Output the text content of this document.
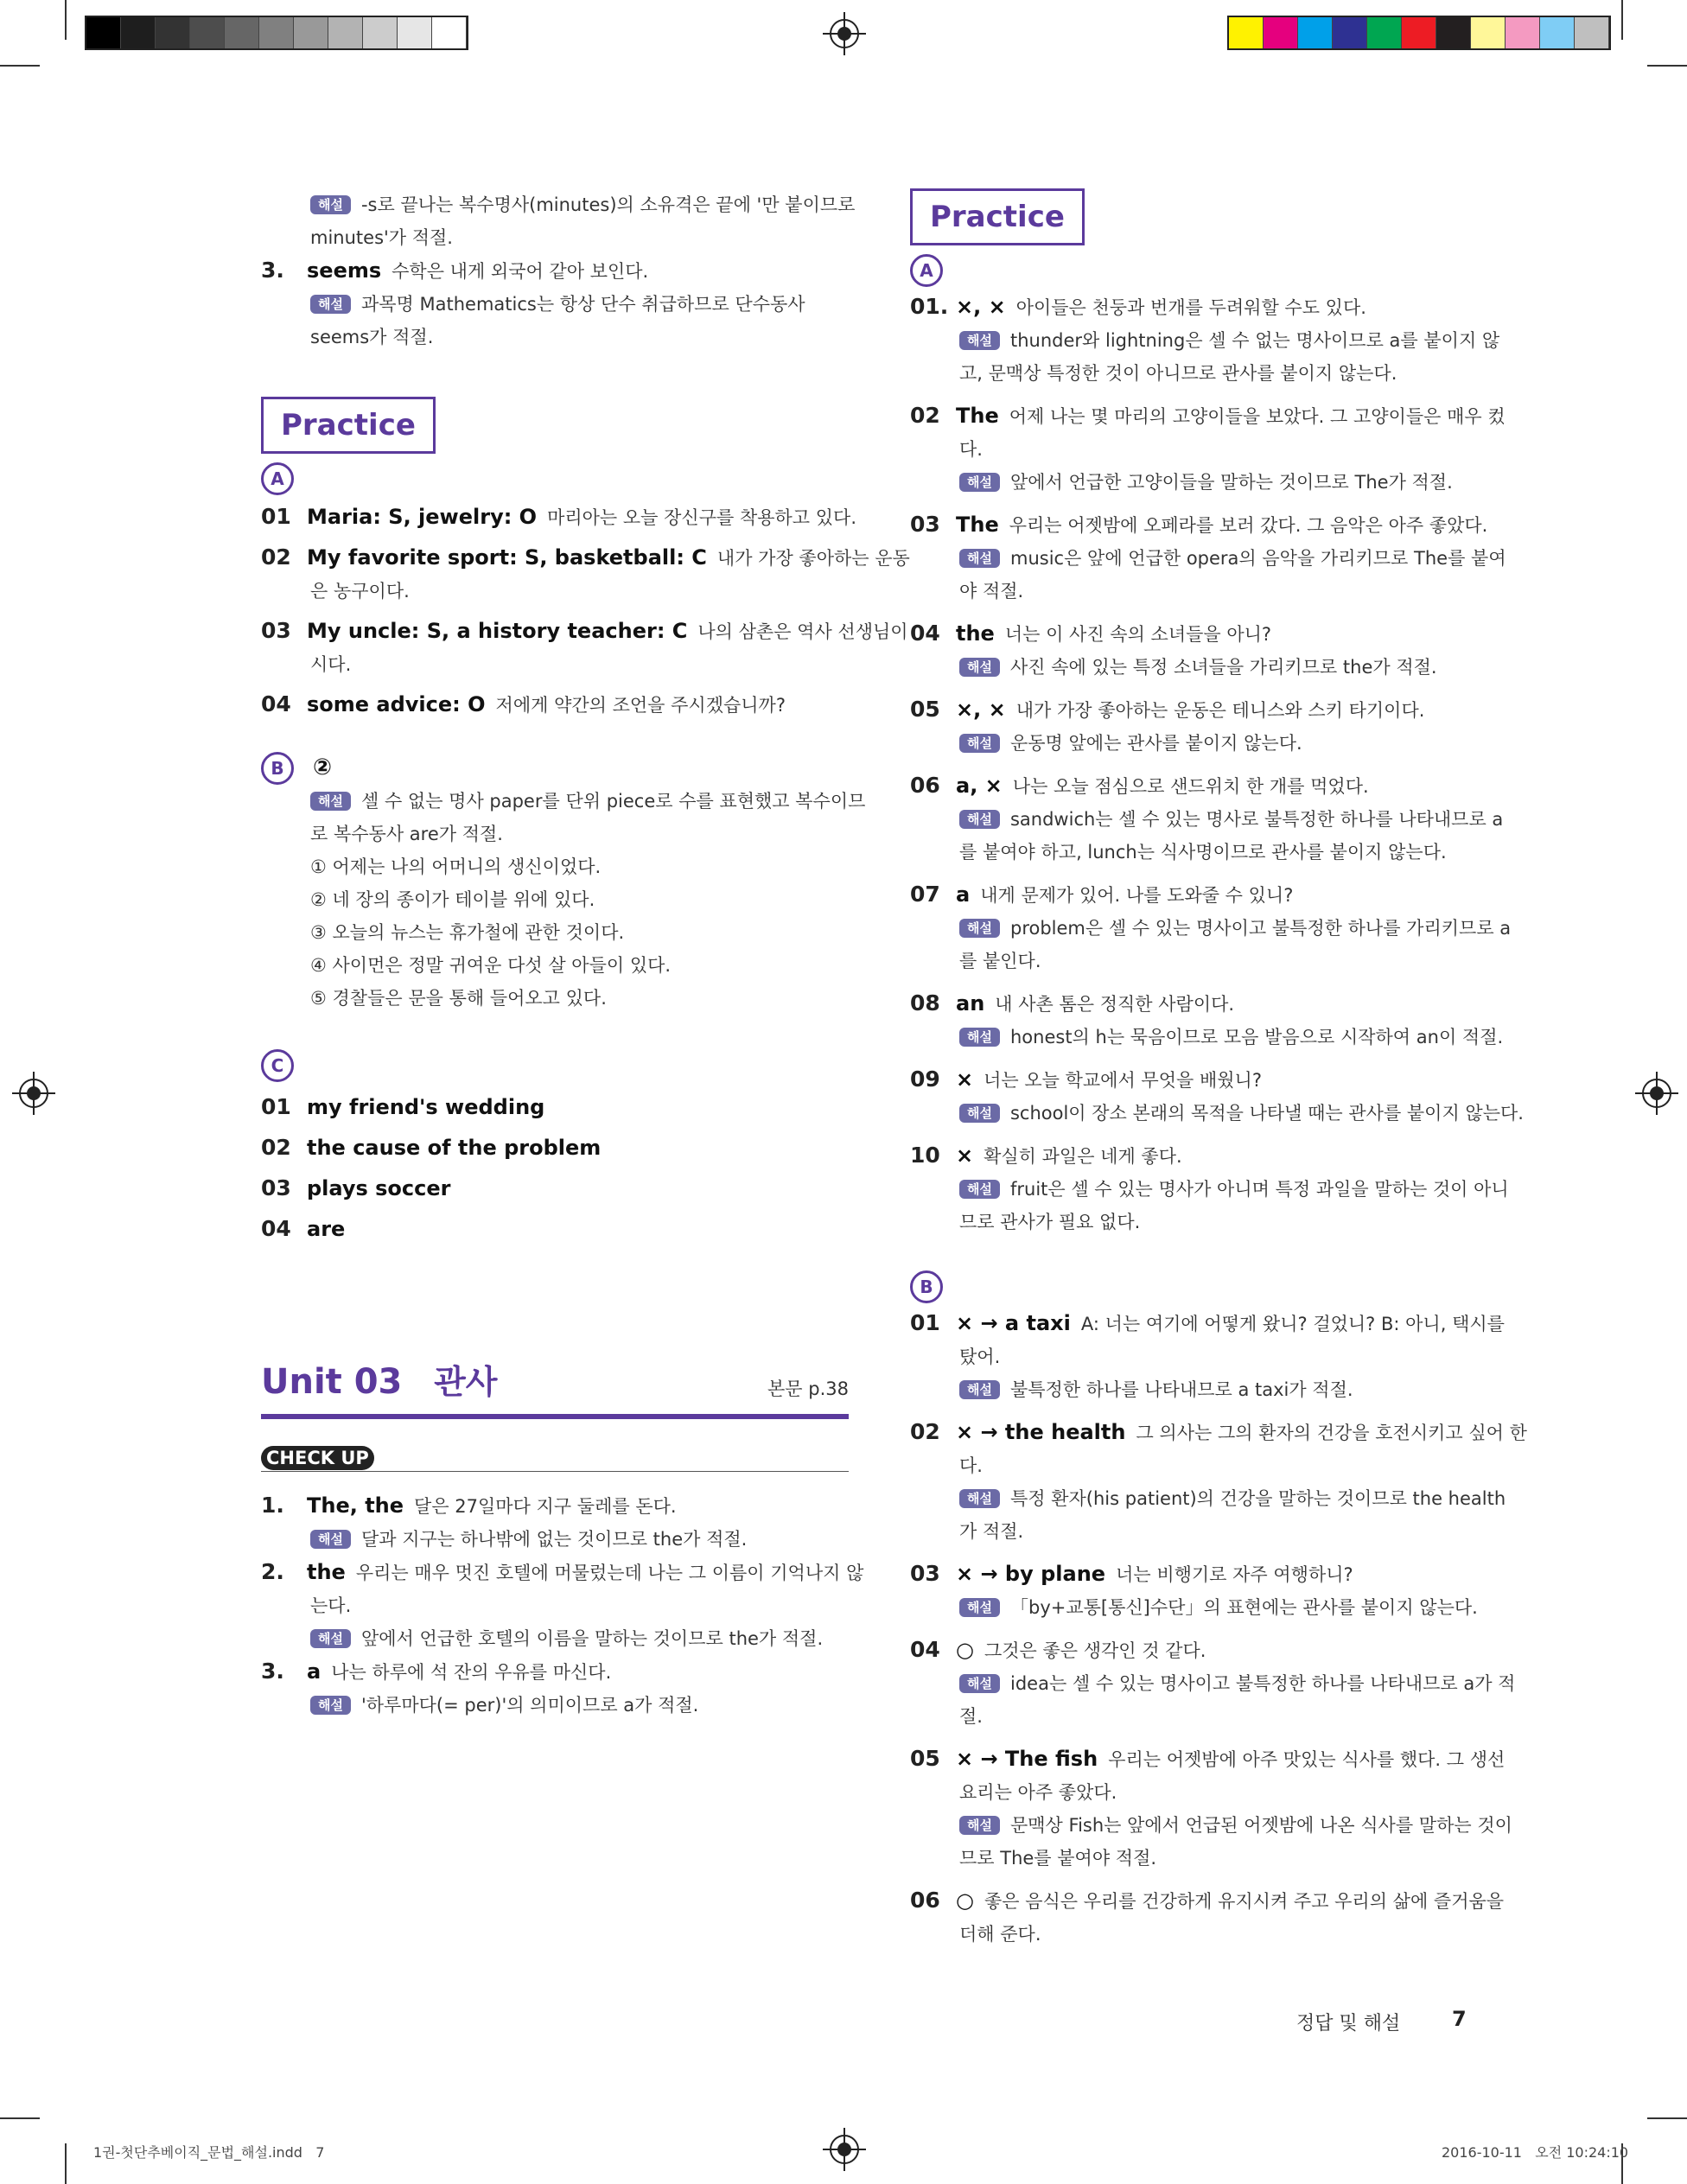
1권-첫단추베이직_문법_해설.indd   7	2016-10-11   오전 10:24:10
해설 -s로 끝나는 복수명사(minutes)의 소유격은 끝에 '만 붙이므로
minutes'가 적절.
3. seems 수학은 내게 외국어 같아 보인다.
해설 과목명 Mathematics는 항상 단수 취급하므로 단수동사
seems가 적절.
Practice
A
01 Maria: S, jewelry: O 마리아는 오늘 장신구를 착용하고 있다.
02 My favorite sport: S, basketball: C 내가 가장 좋아하는 운동
은 농구이다.
03 My uncle: S, a history teacher: C 나의 삼촌은 역사 선생님이
시다.
04 some advice: O 저에게 약간의 조언을 주시겠습니까?
B ②
해설 셀 수 없는 명사 paper를 단위 piece로 수를 표현했고 복수이므
로 복수동사 are가 적절.
① 어제는 나의 어머니의 생신이었다.
② 네 장의 종이가 테이블 위에 있다.
③ 오늘의 뉴스는 휴가철에 관한 것이다.
④ 사이먼은 정말 귀여운 다섯 살 아들이 있다.
⑤ 경찰들은 문을 통해 들어오고 있다.
C
01 my friend's wedding
02 the cause of the problem
03 plays soccer
04 are
Unit 03 관사	본문 p.38
CHECK UP
1. The, the 달은 27일마다 지구 둘레를 돈다.
해설 달과 지구는 하나밖에 없는 것이므로 the가 적절.
2. the 우리는 매우 멋진 호텔에 머물렀는데 나는 그 이름이 기억나지 않
는다.
해설 앞에서 언급한 호텔의 이름을 말하는 것이므로 the가 적절.
3. a 나는 하루에 석 잔의 우유를 마신다.
해설 '하루마다(= per)'의 의미이므로 a가 적절.
Practice
A
01. ×, × 아이들은 천둥과 번개를 두려워할 수도 있다.
해설 thunder와 lightning은 셀 수 없는 명사이므로 a를 붙이지 않
고, 문맥상 특정한 것이 아니므로 관사를 붙이지 않는다.
02 The 어제 나는 몇 마리의 고양이들을 보았다. 그 고양이들은 매우 컸
다.
해설 앞에서 언급한 고양이들을 말하는 것이므로 The가 적절.
03 The 우리는 어젯밤에 오페라를 보러 갔다. 그 음악은 아주 좋았다.
해설 music은 앞에 언급한 opera의 음악을 가리키므로 The를 붙여
야 적절.
04 the 너는 이 사진 속의 소녀들을 아니?
해설 사진 속에 있는 특정 소녀들을 가리키므로 the가 적절.
05 ×, × 내가 가장 좋아하는 운동은 테니스와 스키 타기이다.
해설 운동명 앞에는 관사를 붙이지 않는다.
06 a, × 나는 오늘 점심으로 샌드위치 한 개를 먹었다.
해설 sandwich는 셀 수 있는 명사로 불특정한 하나를 나타내므로 a
를 붙여야 하고, lunch는 식사명이므로 관사를 붙이지 않는다.
07 a 내게 문제가 있어. 나를 도와줄 수 있니?
해설 problem은 셀 수 있는 명사이고 불특정한 하나를 가리키므로 a
를 붙인다.
08 an 내 사촌 톰은 정직한 사람이다.
해설 honest의 h는 묵음이므로 모음 발음으로 시작하여 an이 적절.
09 × 너는 오늘 학교에서 무엇을 배웠니?
해설 school이 장소 본래의 목적을 나타낼 때는 관사를 붙이지 않는다.
10 × 확실히 과일은 네게 좋다.
해설 fruit은 셀 수 있는 명사가 아니며 특정 과일을 말하는 것이 아니
므로 관사가 필요 없다.
B
01 × → a taxi A: 너는 여기에 어떻게 왔니? 걸었니? B: 아니, 택시를
탔어.
해설 불특정한 하나를 나타내므로 a taxi가 적절.
02 × → the health 그 의사는 그의 환자의 건강을 호전시키고 싶어 한
다.
해설 특정 환자(his patient)의 건강을 말하는 것이므로 the health
가 적절.
03 × → by plane 너는 비행기로 자주 여행하니?
해설 「by+교통[통신]수단」의 표현에는 관사를 붙이지 않는다.
04 ○ 그것은 좋은 생각인 것 같다.
해설 idea는 셀 수 있는 명사이고 불특정한 하나를 나타내므로 a가 적
절.
05 × → The fish 우리는 어젯밤에 아주 맛있는 식사를 했다. 그 생선
요리는 아주 좋았다.
해설 문맥상 Fish는 앞에서 언급된 어젯밤에 나온 식사를 말하는 것이
므로 The를 붙여야 적절.
06 ○ 좋은 음식은 우리를 건강하게 유지시켜 주고 우리의 삶에 즐거움을
더해 준다.
정답 및 해설 7
